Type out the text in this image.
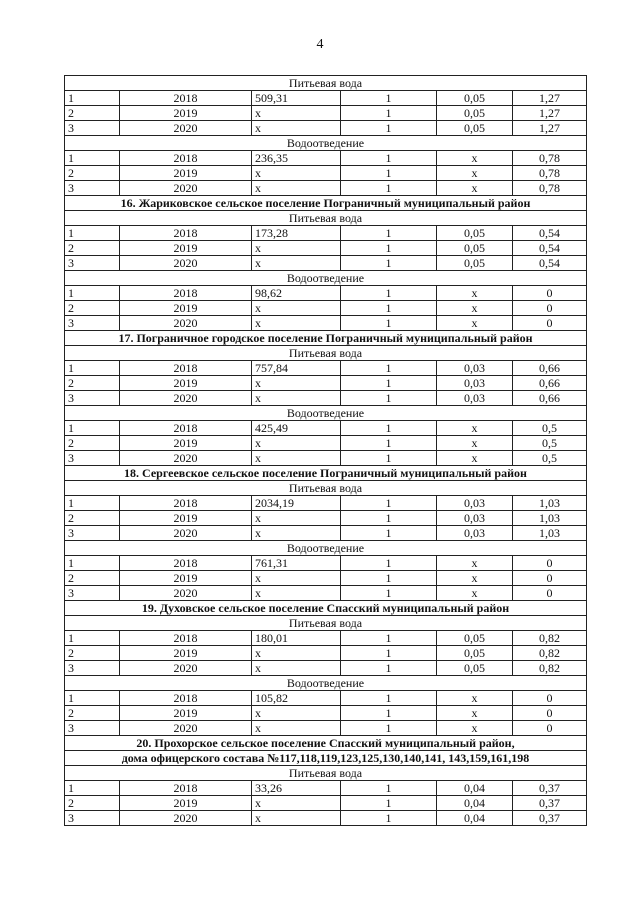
4
Питьевая вода					
1	2018	509,31	1	0,05	1,27
2	2019	х	1	0,05	1,27
3	2020	х	1	0,05	1,27
Водоотведение					
1	2018	236,35	1	х	0,78
2	2019	х	1	х	0,78
3	2020	х	1	х	0,78
16. Жариковское сельское поселение Пограничный муниципальный район					
Питьевая вода					
1	2018	173,28	1	0,05	0,54
2	2019	х	1	0,05	0,54
3	2020	х	1	0,05	0,54
Водоотведение					
1	2018	98,62	1	х	0
2	2019	х	1	х	0
3	2020	х	1	х	0
17. Пограничное городское поселение Пограничный муниципальный район					
Питьевая вода					
1	2018	757,84	1	0,03	0,66
2	2019	х	1	0,03	0,66
3	2020	х	1	0,03	0,66
Водоотведение					
1	2018	425,49	1	х	0,5
2	2019	х	1	х	0,5
3	2020	х	1	х	0,5
18. Сергеевское сельское поселение Пограничный муниципальный район					
Питьевая вода					
1	2018	2034,19	1	0,03	1,03
2	2019	х	1	0,03	1,03
3	2020	х	1	0,03	1,03
Водоотведение					
1	2018	761,31	1	х	0
2	2019	х	1	х	0
3	2020	х	1	х	0
19. Духовское сельское поселение Спасский муниципальный район					
Питьевая вода					
1	2018	180,01	1	0,05	0,82
2	2019	х	1	0,05	0,82
3	2020	х	1	0,05	0,82
Водоотведение					
1	2018	105,82	1	х	0
2	2019	х	1	х	0
3	2020	х	1	х	0
20. Прохорское сельское поселение Спасский муниципальный район,					
дома офицерского состава №117,118,119,123,125,130,140,141, 143,159,161,198					
Питьевая вода					
1	2018	33,26	1	0,04	0,37
2	2019	х	1	0,04	0,37
3	2020	х	1	0,04	0,37
